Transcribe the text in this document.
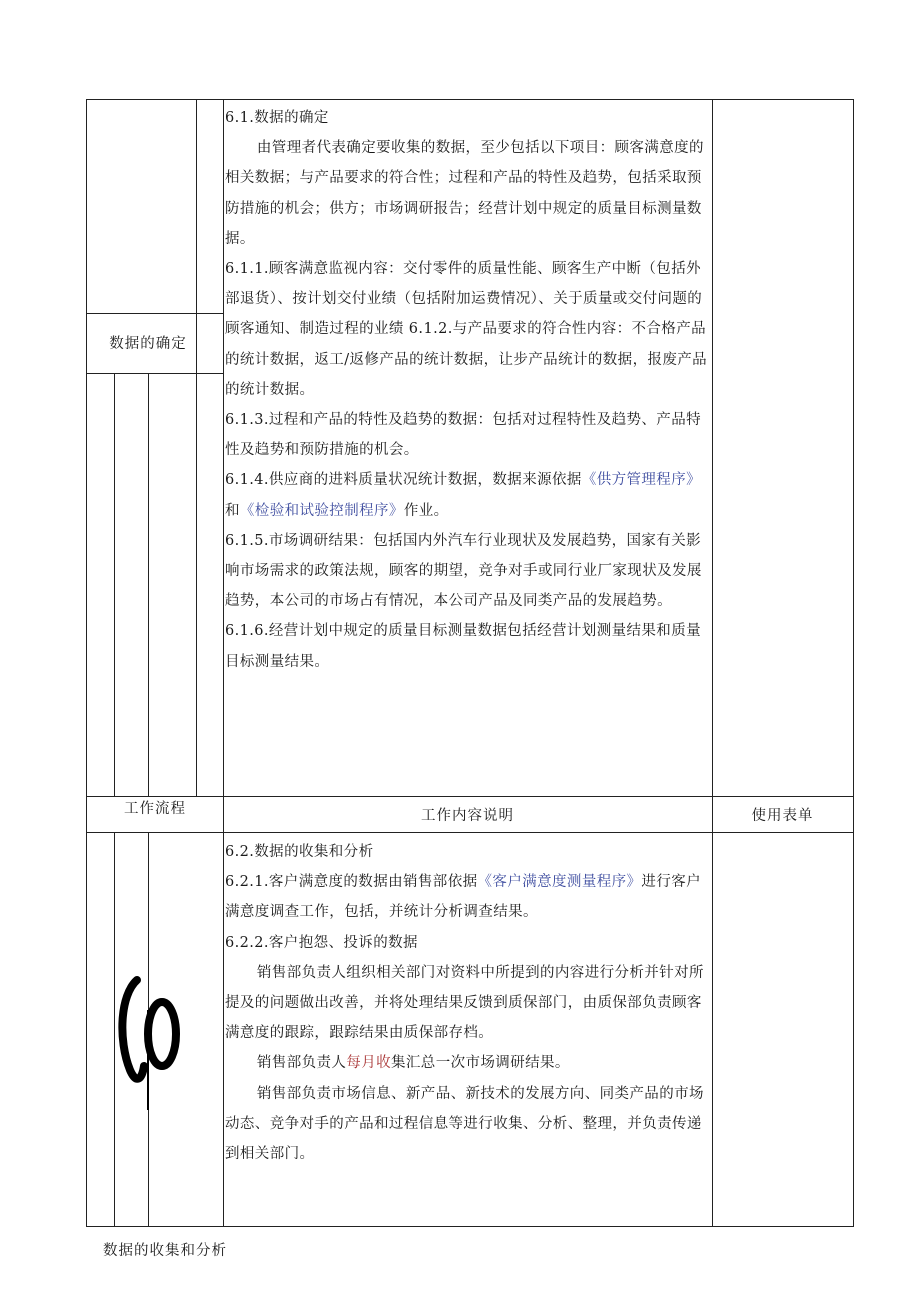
数据的确定
工作流程	工作内容说明	使用表单

6.1.数据的确定

由管理者代表确定要收集的数据，至少包括以下项目：顾客满意度的相关数据；与产品要求的符合性；过程和产品的特性及趋势，包括采取预防措施的机会；供方；市场调研报告；经营计划中规定的质量目标测量数据。

6.1.1.顾客满意监视内容：交付零件的质量性能、顾客生产中断（包括外部退货）、按计划交付业绩（包括附加运费情况）、关于质量或交付问题的顾客通知、制造过程的业绩 6.1.2.与产品要求的符合性内容：不合格产品的统计数据，返工/返修产品的统计数据，让步产品统计的数据，报废产品的统计数据。

6.1.3.过程和产品的特性及趋势的数据：包括对过程特性及趋势、产品特性及趋势和预防措施的机会。

6.1.4.供应商的进料质量状况统计数据，数据来源依据《供方管理程序》和《检验和试验控制程序》作业。

6.1.5.市场调研结果：包括国内外汽车行业现状及发展趋势，国家有关影响市场需求的政策法规，顾客的期望，竞争对手或同行业厂家现状及发展趋势，本公司的市场占有情况，本公司产品及同类产品的发展趋势。

6.1.6.经营计划中规定的质量目标测量数据包括经营计划测量结果和质量目标测量结果。

6.2.数据的收集和分析

6.2.1.客户满意度的数据由销售部依据《客户满意度测量程序》进行客户满意度调查工作，包括，并统计分析调查结果。

6.2.2.客户抱怨、投诉的数据

销售部负责人组织相关部门对资料中所提到的内容进行分析并针对所提及的问题做出改善，并将处理结果反馈到质保部门，由质保部负责顾客满意度的跟踪，跟踪结果由质保部存档。

销售部负责人每月收集汇总一次市场调研结果。

销售部负责市场信息、新产品、新技术的发展方向、同类产品的市场动态、竞争对手的产品和过程信息等进行收集、分析、整理，并负责传递到相关部门。

数据的收集和分析
